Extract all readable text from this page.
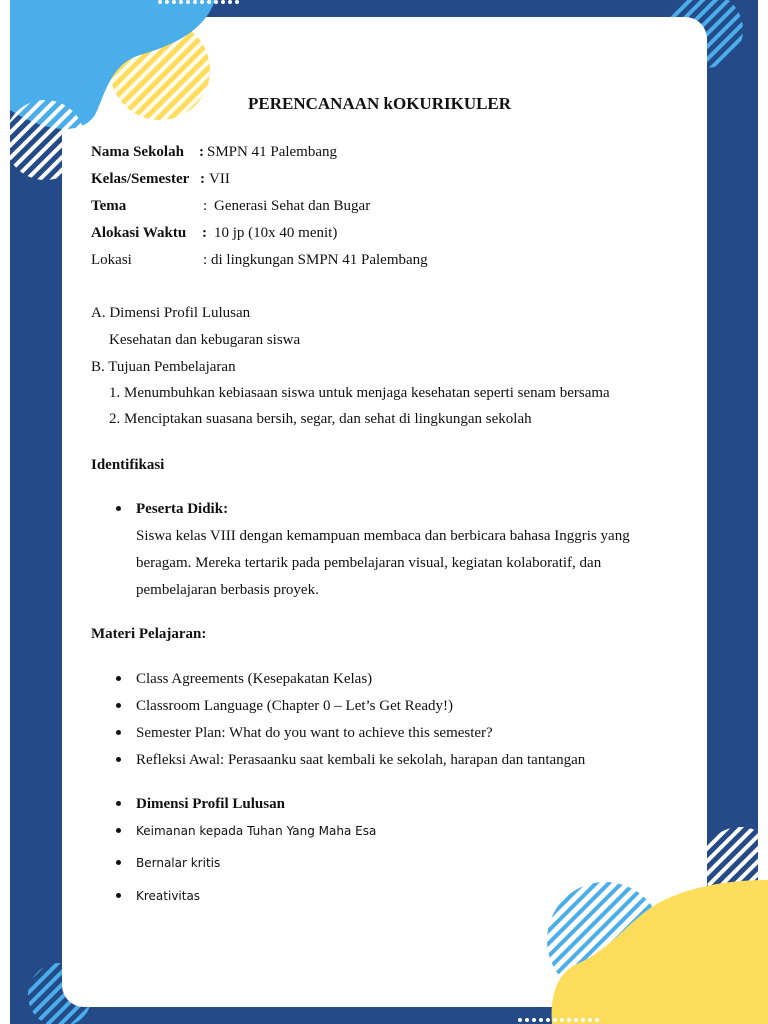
PERENCANAAN kOKURIKULER
Nama Sekolah : SMPN 41 Palembang
Kelas/Semester : VII
Tema	: Generasi Sehat dan Bugar
Alokasi Waktu : 10 jp (10x 40 menit)
Lokasi	: di lingkungan SMPN 41 Palembang
A. Dimensi Profil Lulusan
Kesehatan dan kebugaran siswa
B. Tujuan Pembelajaran
1. Menumbuhkan kebiasaan siswa untuk menjaga kesehatan seperti senam bersama
2. Menciptakan suasana bersih, segar, dan sehat di lingkungan sekolah
Identifikasi
Peserta Didik:
Siswa kelas VIII dengan kemampuan membaca dan berbicara bahasa Inggris yang
beragam. Mereka tertarik pada pembelajaran visual, kegiatan kolaboratif, dan
pembelajaran berbasis proyek.
Materi Pelajaran:
Class Agreements (Kesepakatan Kelas)
Classroom Language (Chapter 0 – Let’s Get Ready!)
Semester Plan: What do you want to achieve this semester?
Refleksi Awal: Perasaanku saat kembali ke sekolah, harapan dan tantangan
Dimensi Profil Lulusan
Keimanan kepada Tuhan Yang Maha Esa
Bernalar kritis
Kreativitas
